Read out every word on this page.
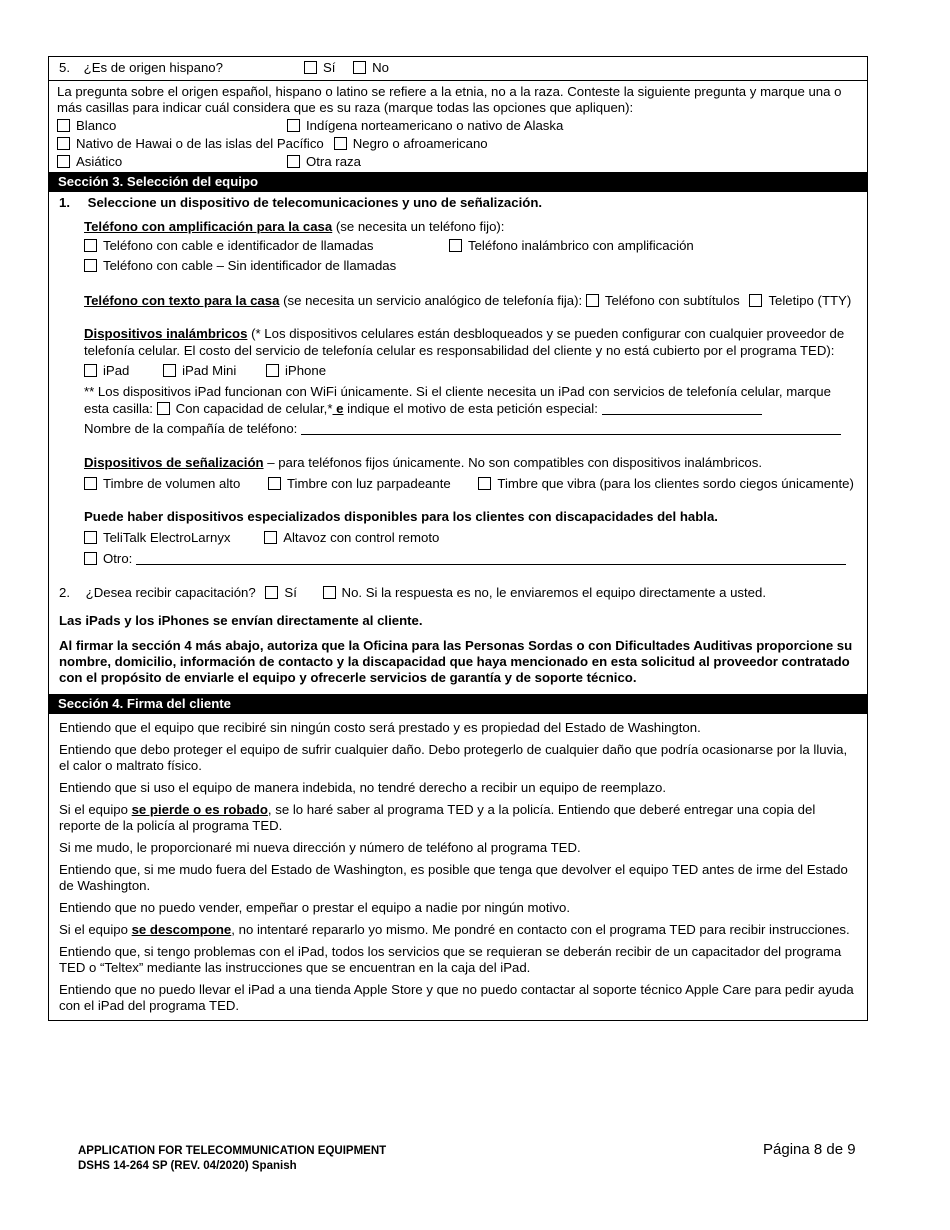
5. ¿Es de origen hispano?	Sí	No
La pregunta sobre el origen español, hispano o latino se refiere a la etnia, no a la raza. Conteste la siguiente pregunta y marque una o más casillas para indicar cuál considera que es su raza (marque todas las opciones que apliquen):
Blanco	Indígena norteamericano o nativo de Alaska
Nativo de Hawai o de las islas del Pacífico Negro o afroamericano
Asiático	Otra raza
Sección 3. Selección del equipo
1. Seleccione un dispositivo de telecomunicaciones y uno de señalización.
Teléfono con amplificación para la casa (se necesita un teléfono fijo):
Teléfono con cable e identificador de llamadas	Teléfono inalámbrico con amplificación
Teléfono con cable – Sin identificador de llamadas
Teléfono con texto para la casa (se necesita un servicio analógico de telefonía fija): Teléfono con subtítulos Teletipo (TTY)
Dispositivos inalámbricos (* Los dispositivos celulares están desbloqueados y se pueden configurar con cualquier proveedor de telefonía celular. El costo del servicio de telefonía celular es responsabilidad del cliente y no está cubierto por el programa TED):
iPad	iPad Mini	iPhone
** Los dispositivos iPad funcionan con WiFi únicamente. Si el cliente necesita un iPad con servicios de telefonía celular, marque esta casilla: Con capacidad de celular,* e indique el motivo de esta petición especial:
Nombre de la compañía de teléfono:
Dispositivos de señalización – para teléfonos fijos únicamente. No son compatibles con dispositivos inalámbricos.
Timbre de volumen alto	Timbre con luz parpadeante	Timbre que vibra (para los clientes sordo ciegos únicamente)
Puede haber dispositivos especializados disponibles para los clientes con discapacidades del habla.
TeliTalk ElectroLarnyx	Altavoz con control remoto
Otro:
2. ¿Desea recibir capacitación? Sí	No. Si la respuesta es no, le enviaremos el equipo directamente a usted.
Las iPads y los iPhones se envían directamente al cliente.
Al firmar la sección 4 más abajo, autoriza que la Oficina para las Personas Sordas o con Dificultades Auditivas proporcione su nombre, domicilio, información de contacto y la discapacidad que haya mencionado en esta solicitud al proveedor contratado con el propósito de enviarle el equipo y ofrecerle servicios de garantía y de soporte técnico.
Sección 4. Firma del cliente

Entiendo que el equipo que recibiré sin ningún costo será prestado y es propiedad del Estado de Washington.

Entiendo que debo proteger el equipo de sufrir cualquier daño. Debo protegerlo de cualquier daño que podría ocasionarse por la lluvia, el calor o maltrato físico.

Entiendo que si uso el equipo de manera indebida, no tendré derecho a recibir un equipo de reemplazo.

Si el equipo se pierde o es robado, se lo haré saber al programa TED y a la policía. Entiendo que deberé entregar una copia del reporte de la policía al programa TED.

Si me mudo, le proporcionaré mi nueva dirección y número de teléfono al programa TED.

Entiendo que, si me mudo fuera del Estado de Washington, es posible que tenga que devolver el equipo TED antes de irme del Estado de Washington.

Entiendo que no puedo vender, empeñar o prestar el equipo a nadie por ningún motivo.

Si el equipo se descompone, no intentaré repararlo yo mismo. Me pondré en contacto con el programa TED para recibir instrucciones.

Entiendo que, si tengo problemas con el iPad, todos los servicios que se requieran se deberán recibir de un capacitador del programa TED o “Teltex” mediante las instrucciones que se encuentran en la caja del iPad.

Entiendo que no puedo llevar el iPad a una tienda Apple Store y que no puedo contactar al soporte técnico Apple Care para pedir ayuda con el iPad del programa TED.

APPLICATION FOR TELECOMMUNICATION EQUIPMENT
DSHS 14-264 SP (REV. 04/2020) Spanish
Página 8 de 9
